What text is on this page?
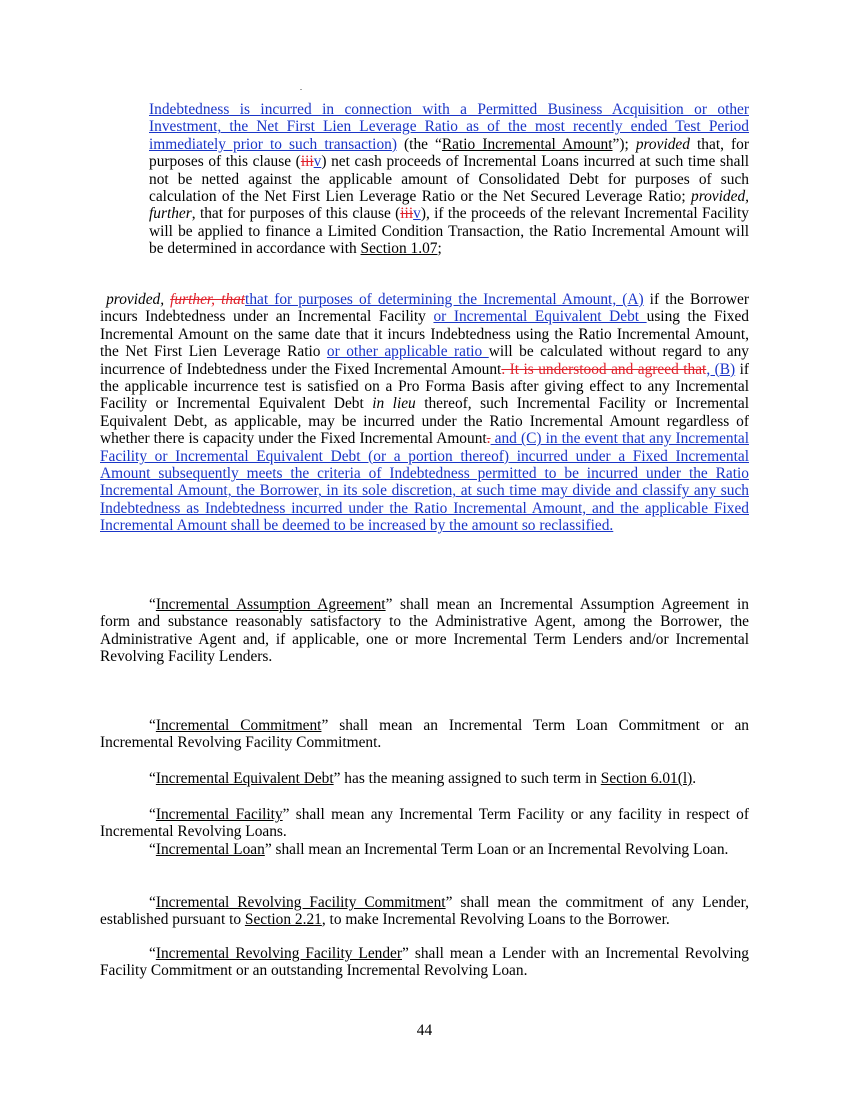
.

Indebtedness is incurred in connection with a Permitted Business Acquisition or other Investment, the Net First Lien Leverage Ratio as of the most recently ended Test Period immediately prior to such transaction) (the “Ratio Incremental Amount”); provided that, for purposes of this clause (iiiv) net cash proceeds of Incremental Loans incurred at such time shall not be netted against the applicable amount of Consolidated Debt for purposes of such calculation of the Net First Lien Leverage Ratio or the Net Secured Leverage Ratio; provided, further, that for purposes of this clause (iiiv), if the proceeds of the relevant Incremental Facility will be applied to finance a Limited Condition Transaction, the Ratio Incremental Amount will be determined in accordance with Section 1.07;

provided, further, thatthat for purposes of determining the Incremental Amount, (A) if the Borrower incurs Indebtedness under an Incremental Facility or Incremental Equivalent Debt using the Fixed Incremental Amount on the same date that it incurs Indebtedness using the Ratio Incremental Amount, the Net First Lien Leverage Ratio or other applicable ratio will be calculated without regard to any incurrence of Indebtedness under the Fixed Incremental Amount. It is understood and agreed that, (B) if the applicable incurrence test is satisfied on a Pro Forma Basis after giving effect to any Incremental Facility or Incremental Equivalent Debt in lieu thereof, such Incremental Facility or Incremental Equivalent Debt, as applicable, may be incurred under the Ratio Incremental Amount regardless of whether there is capacity under the Fixed Incremental Amount. and (C) in the event that any Incremental Facility or Incremental Equivalent Debt (or a portion thereof) incurred under a Fixed Incremental Amount subsequently meets the criteria of Indebtedness permitted to be incurred under the Ratio Incremental Amount, the Borrower, in its sole discretion, at such time may divide and classify any such Indebtedness as Indebtedness incurred under the Ratio Incremental Amount, and the applicable Fixed Incremental Amount shall be deemed to be increased by the amount so reclassified.

“Incremental Assumption Agreement” shall mean an Incremental Assumption Agreement in form and substance reasonably satisfactory to the Administrative Agent, among the Borrower, the Administrative Agent and, if applicable, one or more Incremental Term Lenders and/or Incremental Revolving Facility Lenders.

“Incremental Commitment” shall mean an Incremental Term Loan Commitment or an Incremental Revolving Facility Commitment.

“Incremental Equivalent Debt” has the meaning assigned to such term in Section 6.01(l).

“Incremental Facility” shall mean any Incremental Term Facility or any facility in respect of Incremental Revolving Loans.

“Incremental Loan” shall mean an Incremental Term Loan or an Incremental Revolving Loan.

“Incremental Revolving Facility Commitment” shall mean the commitment of any Lender, established pursuant to Section 2.21, to make Incremental Revolving Loans to the Borrower.

“Incremental Revolving Facility Lender” shall mean a Lender with an Incremental Revolving Facility Commitment or an outstanding Incremental Revolving Loan.

44
